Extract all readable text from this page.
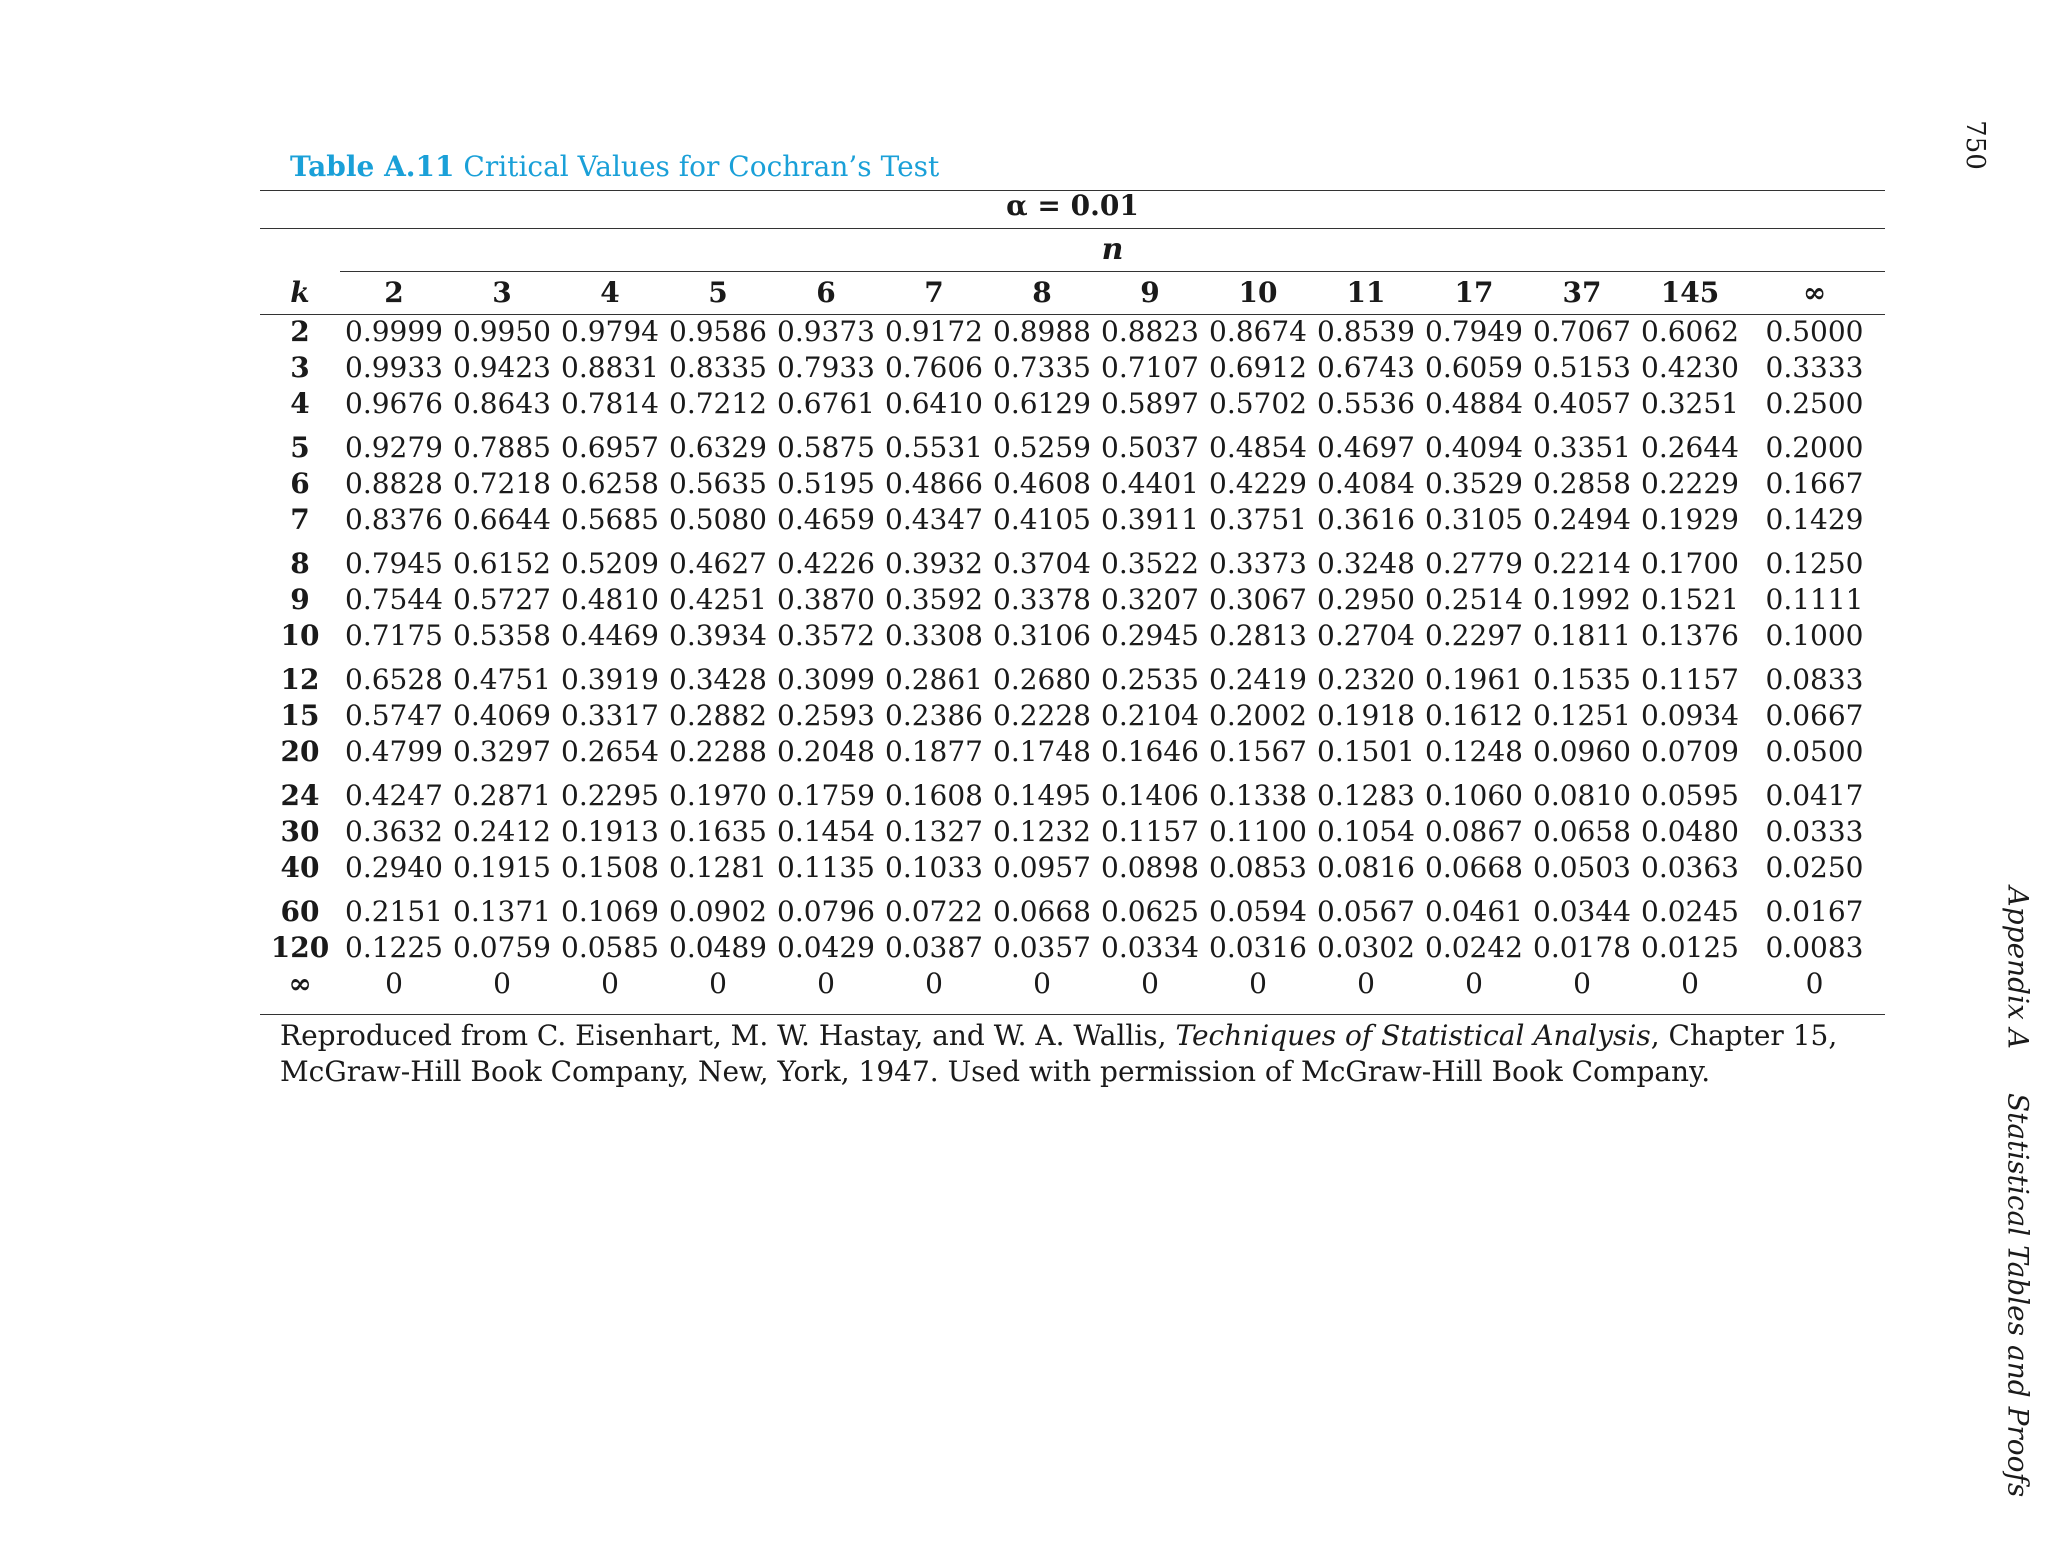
Table A.11 Critical Values for Cochran’s Test
α = 0.01
n
k	2	3	4	5	6	7	8	9	10	11	17	37	145	∞
2	0.9999	0.9950	0.9794	0.9586	0.9373	0.9172	0.8988	0.8823	0.8674	0.8539	0.7949	0.7067	0.6062	0.5000
3	0.9933	0.9423	0.8831	0.8335	0.7933	0.7606	0.7335	0.7107	0.6912	0.6743	0.6059	0.5153	0.4230	0.3333
4	0.9676	0.8643	0.7814	0.7212	0.6761	0.6410	0.6129	0.5897	0.5702	0.5536	0.4884	0.4057	0.3251	0.2500
5	0.9279	0.7885	0.6957	0.6329	0.5875	0.5531	0.5259	0.5037	0.4854	0.4697	0.4094	0.3351	0.2644	0.2000
6	0.8828	0.7218	0.6258	0.5635	0.5195	0.4866	0.4608	0.4401	0.4229	0.4084	0.3529	0.2858	0.2229	0.1667
7	0.8376	0.6644	0.5685	0.5080	0.4659	0.4347	0.4105	0.3911	0.3751	0.3616	0.3105	0.2494	0.1929	0.1429
8	0.7945	0.6152	0.5209	0.4627	0.4226	0.3932	0.3704	0.3522	0.3373	0.3248	0.2779	0.2214	0.1700	0.1250
9	0.7544	0.5727	0.4810	0.4251	0.3870	0.3592	0.3378	0.3207	0.3067	0.2950	0.2514	0.1992	0.1521	0.1111
10	0.7175	0.5358	0.4469	0.3934	0.3572	0.3308	0.3106	0.2945	0.2813	0.2704	0.2297	0.1811	0.1376	0.1000
12	0.6528	0.4751	0.3919	0.3428	0.3099	0.2861	0.2680	0.2535	0.2419	0.2320	0.1961	0.1535	0.1157	0.0833
15	0.5747	0.4069	0.3317	0.2882	0.2593	0.2386	0.2228	0.2104	0.2002	0.1918	0.1612	0.1251	0.0934	0.0667
20	0.4799	0.3297	0.2654	0.2288	0.2048	0.1877	0.1748	0.1646	0.1567	0.1501	0.1248	0.0960	0.0709	0.0500
24	0.4247	0.2871	0.2295	0.1970	0.1759	0.1608	0.1495	0.1406	0.1338	0.1283	0.1060	0.0810	0.0595	0.0417
30	0.3632	0.2412	0.1913	0.1635	0.1454	0.1327	0.1232	0.1157	0.1100	0.1054	0.0867	0.0658	0.0480	0.0333
40	0.2940	0.1915	0.1508	0.1281	0.1135	0.1033	0.0957	0.0898	0.0853	0.0816	0.0668	0.0503	0.0363	0.0250
60	0.2151	0.1371	0.1069	0.0902	0.0796	0.0722	0.0668	0.0625	0.0594	0.0567	0.0461	0.0344	0.0245	0.0167
120	0.1225	0.0759	0.0585	0.0489	0.0429	0.0387	0.0357	0.0334	0.0316	0.0302	0.0242	0.0178	0.0125	0.0083
∞	0	0	0	0	0	0	0	0	0	0	0	0	0	0
Reproduced from C. Eisenhart, M. W. Hastay, and W. A. Wallis, Techniques of Statistical Analysis, Chapter 15, McGraw-Hill Book Company, New, York, 1947. Used with permission of McGraw-Hill Book Company.
750
Appendix AStatistical Tables and Proofs
